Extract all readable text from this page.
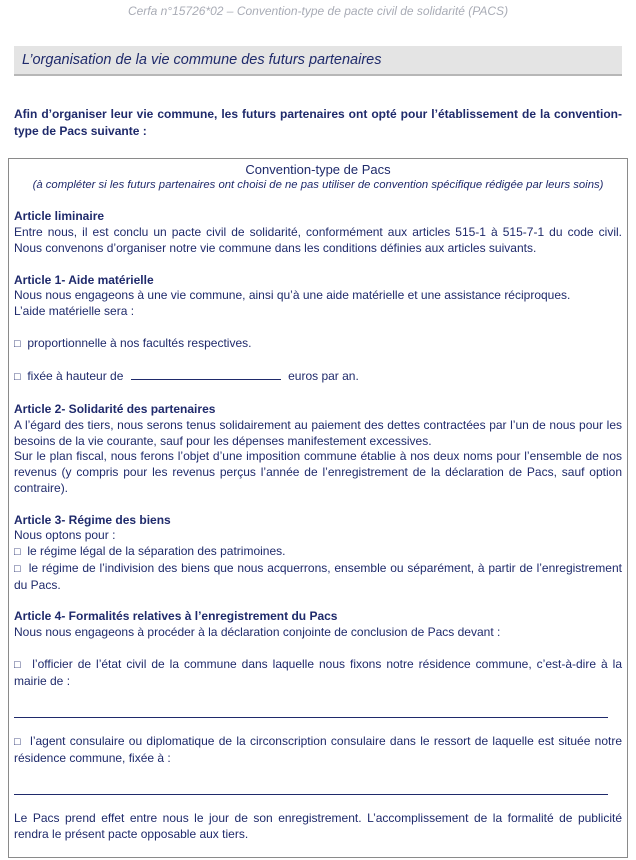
Cerfa n°15726*02 – Convention-type de pacte civil de solidarité (PACS)
L’organisation de la vie commune des futurs partenaires
Afin d’organiser leur vie commune, les futurs partenaires ont opté pour l’établissement de la convention-type de Pacs suivante :

Convention-type de Pacs

(à compléter si les futurs partenaires ont choisi de ne pas utiliser de convention spécifique rédigée par leurs soins)

Article liminaire

Entre nous, il est conclu un pacte civil de solidarité, conformément aux articles 515-1 à 515-7-1 du code civil. Nous convenons d’organiser notre vie commune dans les conditions définies aux articles suivants.

Article 1- Aide matérielle

Nous nous engageons à une vie commune, ainsi qu’à une aide matérielle et une assistance réciproques.

L’aide matérielle sera :

□ proportionnelle à nos facultés respectives.

□ fixée à hauteur de	euros par an.

Article 2- Solidarité des partenaires

A l’égard des tiers, nous serons tenus solidairement au paiement des dettes contractées par l’un de nous pour les besoins de la vie courante, sauf pour les dépenses manifestement excessives.

Sur le plan fiscal, nous ferons l’objet d’une imposition commune établie à nos deux noms pour l’ensemble de nos revenus (y compris pour les revenus perçus l’année de l’enregistrement de la déclaration de Pacs, sauf option contraire).

Article 3- Régime des biens

Nous optons pour :

□ le régime légal de la séparation des patrimoines.

□ le régime de l’indivision des biens que nous acquerrons, ensemble ou séparément, à partir de l’enregistrement du Pacs.

Article 4- Formalités relatives à l’enregistrement du Pacs

Nous nous engageons à procéder à la déclaration conjointe de conclusion de Pacs devant :

□ l’officier de l’état civil de la commune dans laquelle nous fixons notre résidence commune, c’est-à-dire à la mairie de :

□ l’agent consulaire ou diplomatique de la circonscription consulaire dans le ressort de laquelle est située notre résidence commune, fixée à :

Le Pacs prend effet entre nous le jour de son enregistrement. L’accomplissement de la formalité de publicité rendra le présent pacte opposable aux tiers.
